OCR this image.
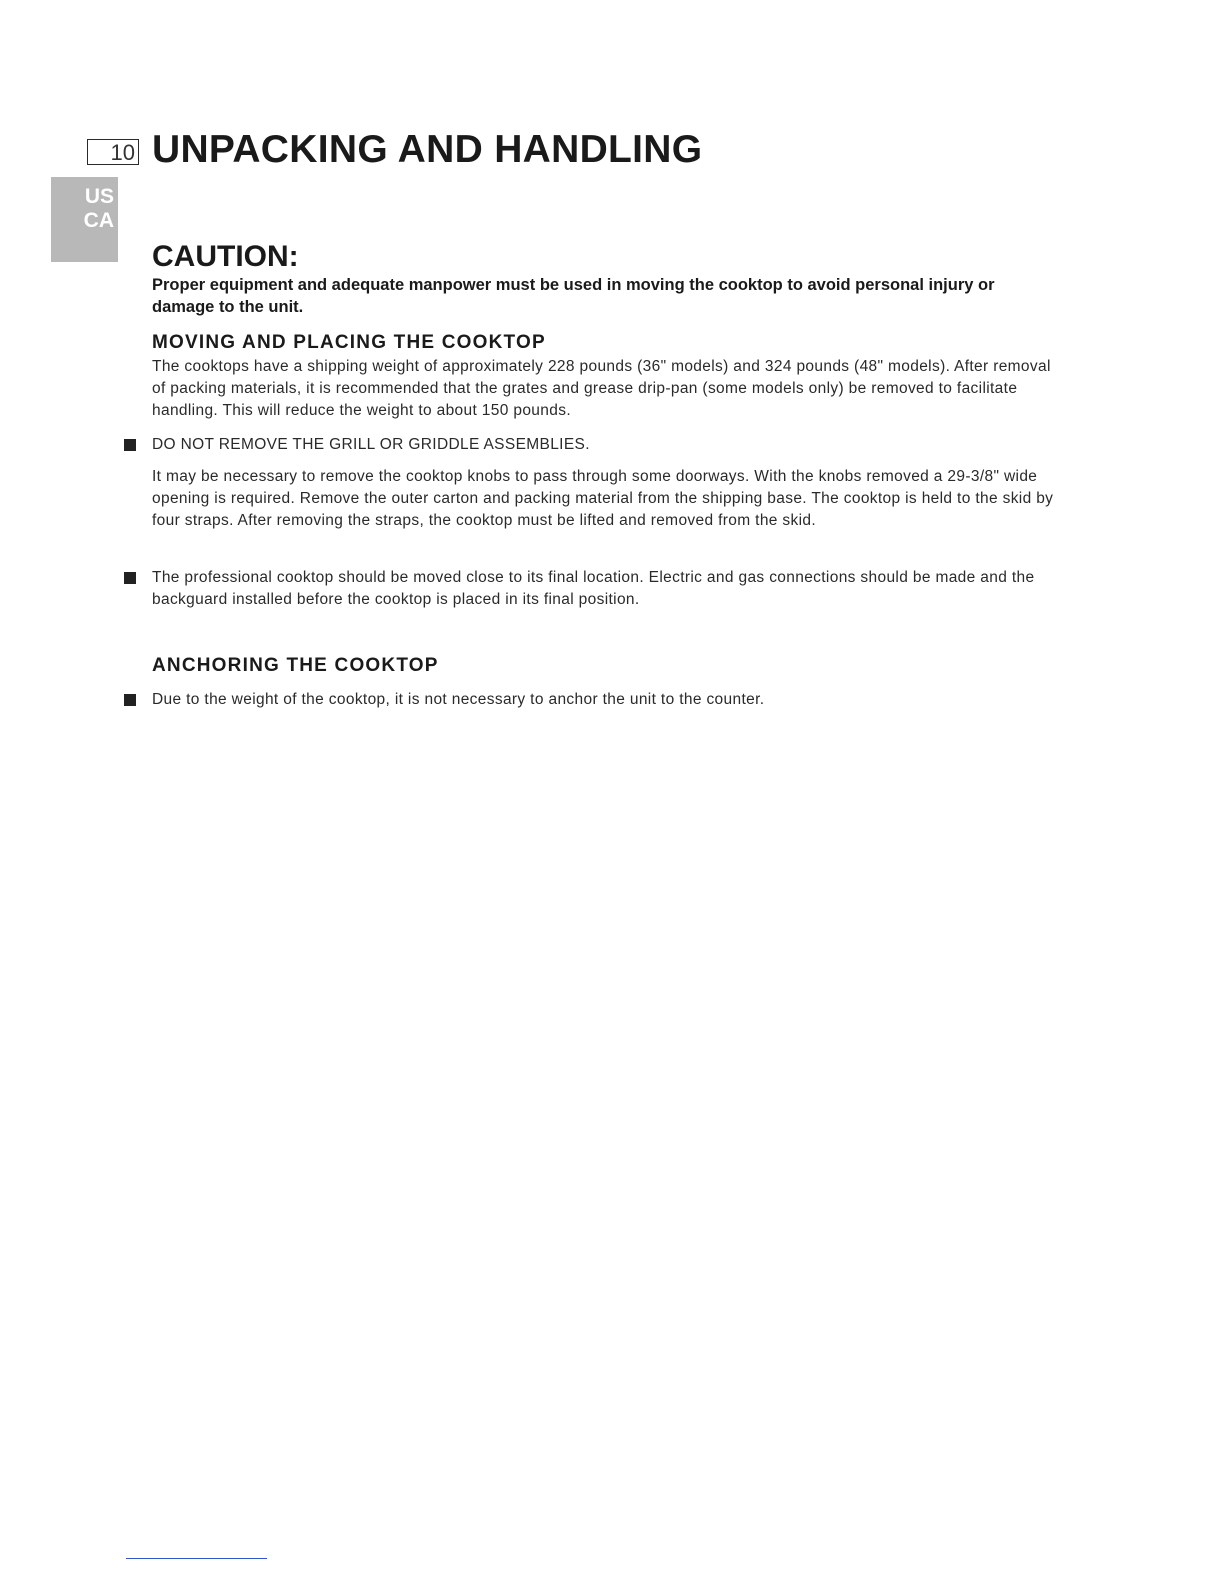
10 UNPACKING AND HANDLING
US
CA
CAUTION:

Proper equipment and adequate manpower must be used in moving the cooktop to avoid personal injury or damage to the unit.

MOVING AND PLACING THE COOKTOP

The cooktops have a shipping weight of approximately 228 pounds (36" models) and 324 pounds (48" models). After removal of packing materials, it is recommended that the grates and grease drip-pan (some models only) be removed to facilitate handling. This will reduce the weight to about 150 pounds.

DO NOT REMOVE THE GRILL OR GRIDDLE ASSEMBLIES.

It may be necessary to remove the cooktop knobs to pass through some doorways. With the knobs removed a 29-3/8" wide opening is required. Remove the outer carton and packing material from the shipping base. The cooktop is held to the skid by four straps. After removing the straps, the cooktop must be lifted and removed from the skid.

The professional cooktop should be moved close to its final location. Electric and gas connections should be made and the backguard installed before the cooktop is placed in its final position.

ANCHORING THE COOKTOP

Due to the weight of the cooktop, it is not necessary to anchor the unit to the counter.
